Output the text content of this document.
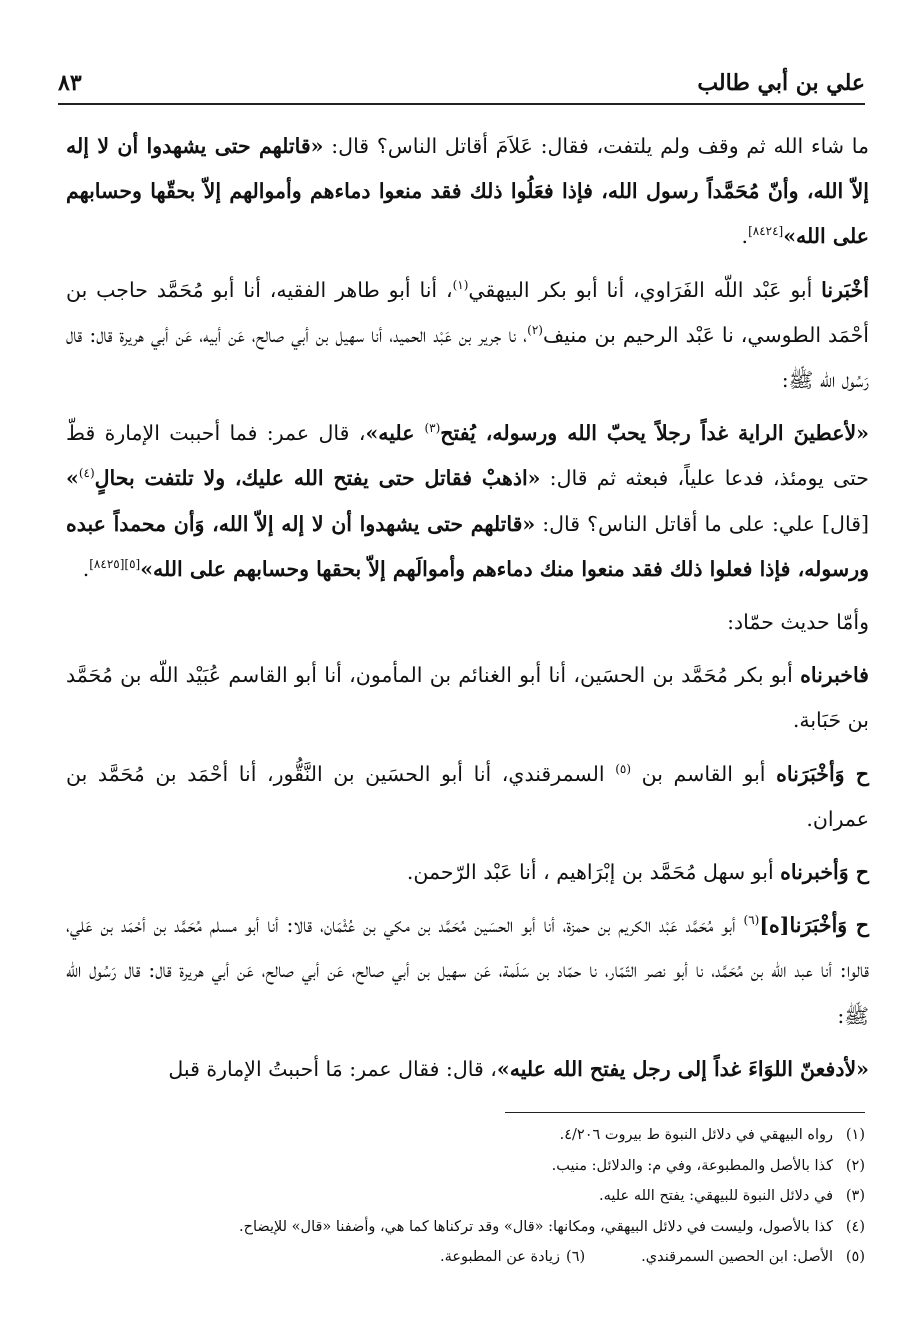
علي بن أبي طالب
٨٣

ما شاء الله ثم وقف ولم يلتفت، فقال: عَلاَمَ أقاتل الناس؟ قال: «قاتلهم حتى يشهدوا أن لا إله إلاّ الله، وأنّ مُحَمَّداً رسول الله، فإذا فعَلُوا ذلك فقد منعوا دماءهم وأموالهم إلاّ بحقّها وحسابهم على الله»[٨٤٢٤].

أخْبَرنا أبو عَبْد اللّه الفَرَاوي، أنا أبو بكر البيهقي$^{(١)}$، أنا أبو طاهر الفقيه، أنا أبو مُحَمَّد حاجب بن أحْمَد الطوسي، نا عَبْد الرحيم بن منيف$^{(٢)}$، نا جرير بن عَبْد الحميد، أنا سهيل بن أبي صالح، عَن أبيه، عَن أبي هريرة قال: قال رَسُول الله ﷺ:

«لأعطينَ الراية غداً رجلاً يحبّ الله ورسوله، يُفتح$^{(٣)}$ عليه»، قال عمر: فما أحببت الإمارة قطّ حتى يومئذ، فدعا علياً، فبعثه ثم قال: «اذهبْ فقاتل حتى يفتح الله عليك، ولا تلتفت بحالٍ$^{(٤)}$» [قال] علي: على ما أقاتل الناس؟ قال: «قاتلهم حتى يشهدوا أن لا إله إلاّ الله، وَأن محمداً عبده ورسوله، فإذا فعلوا ذلك فقد منعوا منك دماءهم وأموالَهم إلاّ بحقها وحسابهم على الله»[٥][٨٤٢٥].

وأمّا حديث حمّاد:

فاخبرناه أبو بكر مُحَمَّد بن الحسَين، أنا أبو الغنائم بن المأمون، أنا أبو القاسم عُبَيْد اللّه بن مُحَمَّد بن حَبَابة.

ح وَأخْبَرَناه أبو القاسم بن $^{(٥)}$ السمرقندي، أنا أبو الحسَين بن النَّقُّور، أنا أحْمَد بن مُحَمَّد بن عمران.

ح وَأخبرناه أبو سهل مُحَمَّد بن إبْرَاهيم ، أنا عَبْد الرّحمن.

ح وَأخْبَرَنا[ه]$^{(٦)}$ أبو مُحَمَّد عَبْد الكريم بن حمزة، أنا أبو الحسَين مُحَمَّد بن مكي بن عُثْمَان، قالا: أنا أبو مسلم مُحَمَّد بن أحْمَد بن عَلي، قالوا: أنا عبد اللّه بن مُحَمَّد، نا أبو نصر التّمّار، نا حمّاد بن سَلَمة، عَن سهيل بن أبي صالح، عَن أبي صالح، عَن أبي هريرة قال: قال رَسُول الله ﷺ:

«لأدفعنّ اللوَاءَ غداً إلى رجل يفتح الله عليه»، قال: فقال عمر: مَا أحببتُ الإمارة قبل

(١)
رواه البيهقي في دلائل النبوة ط بيروت ٤/٢٠٦.
(٢)
كذا بالأصل والمطبوعة، وفي م: والدلائل: منيب.
(٣)
في دلائل النبوة للبيهقي: يفتح الله عليه.
(٤)
كذا بالأصول، وليست في دلائل البيهقي، ومكانها: «قال» وقد تركناها كما هي، وأضفنا «قال» للإيضاح.
(٥)
الأصل: ابن الحصين السمرقندي.
(٦)
زيادة عن المطبوعة.
